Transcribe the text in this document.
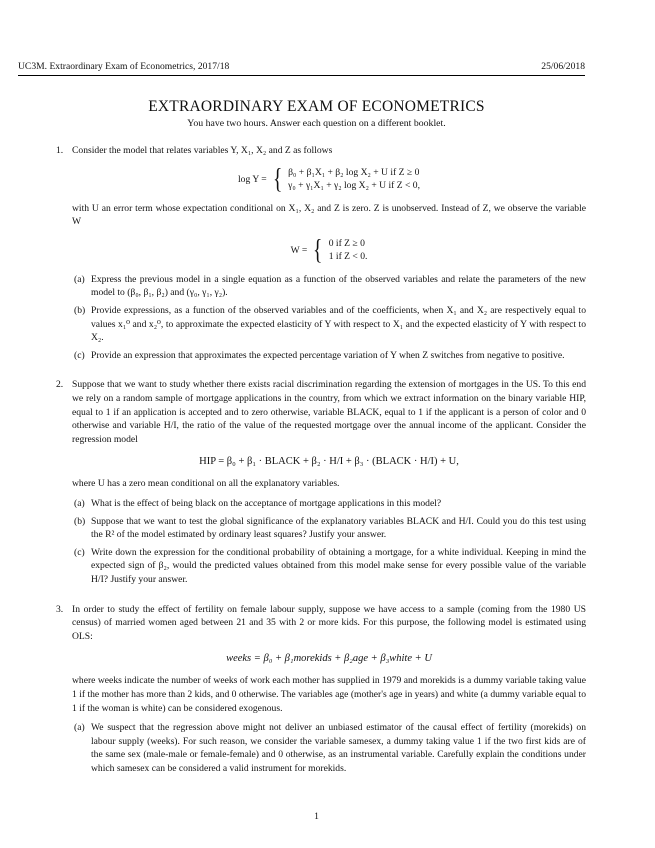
UC3M. Extraordinary Exam of Econometrics, 2017/18	25/06/2018
EXTRAORDINARY EXAM OF ECONOMETRICS
You have two hours. Answer each question on a different booklet.
1. Consider the model that relates variables Y, X₁, X₂ and Z as follows

log Y = { β₀ + β₁X₁ + β₂ log X₂ + U if Z ≥ 0
γ₀ + γ₁X₁ + γ₂ log X₂ + U if Z < 0,

with U an error term whose expectation conditional on X₁, X₂ and Z is zero. Z is unobserved. Instead of Z, we observe the variable W

W = { 0 if Z ≥ 0
1 if Z < 0.
(a) Express the previous model in a single equation as a function of the observed variables and relate the parameters of the new model to (β₀, β₁, β₂) and (γ₀, γ₁, γ₂).
(b) Provide expressions, as a function of the observed variables and of the coefficients, when X₁ and X₂ are respectively equal to values x₁⁰ and x₂⁰, to approximate the expected elasticity of Y with respect to X₁ and the expected elasticity of Y with respect to X₂.
(c) Provide an expression that approximates the expected percentage variation of Y when Z switches from negative to positive.
2. Suppose that we want to study whether there exists racial discrimination regarding the extension of mortgages in the US. To this end we rely on a random sample of mortgage applications in the country, from which we extract information on the binary variable HIP, equal to 1 if an application is accepted and to zero otherwise, variable BLACK, equal to 1 if the applicant is a person of color and 0 otherwise and variable H/I, the ratio of the value of the requested mortgage over the annual income of the applicant. Consider the regression model

HIP = β₀ + β₁ · BLACK + β₂ · H/I + β₃ · (BLACK · H/I) + U,

where U has a zero mean conditional on all the explanatory variables.

(a) What is the effect of being black on the acceptance of mortgage applications in this model?
(b) Suppose that we want to test the global significance of the explanatory variables BLACK and H/I. Could you do this test using the R² of the model estimated by ordinary least squares? Justify your answer.
(c) Write down the expression for the conditional probability of obtaining a mortgage, for a white individual. Keeping in mind the expected sign of β₂, would the predicted values obtained from this model make sense for every possible value of the variable H/I? Justify your answer.
3. In order to study the effect of fertility on female labour supply, suppose we have access to a sample (coming from the 1980 US census) of married women aged between 21 and 35 with 2 or more kids. For this purpose, the following model is estimated using OLS:

weeks = β₀ + β₁morekids + β₂age + β₃white + U

where weeks indicate the number of weeks of work each mother has supplied in 1979 and morekids is a dummy variable taking value 1 if the mother has more than 2 kids, and 0 otherwise. The variables age (mother's age in years) and white (a dummy variable equal to 1 if the woman is white) can be considered exogenous.

(a) We suspect that the regression above might not deliver an unbiased estimator of the causal effect of fertility (morekids) on labour supply (weeks). For such reason, we consider the variable samesex, a dummy taking value 1 if the two first kids are of the same sex (male-male or female-female) and 0 otherwise, as an instrumental variable. Carefully explain the conditions under which samesex can be considered a valid instrument for morekids.
1
